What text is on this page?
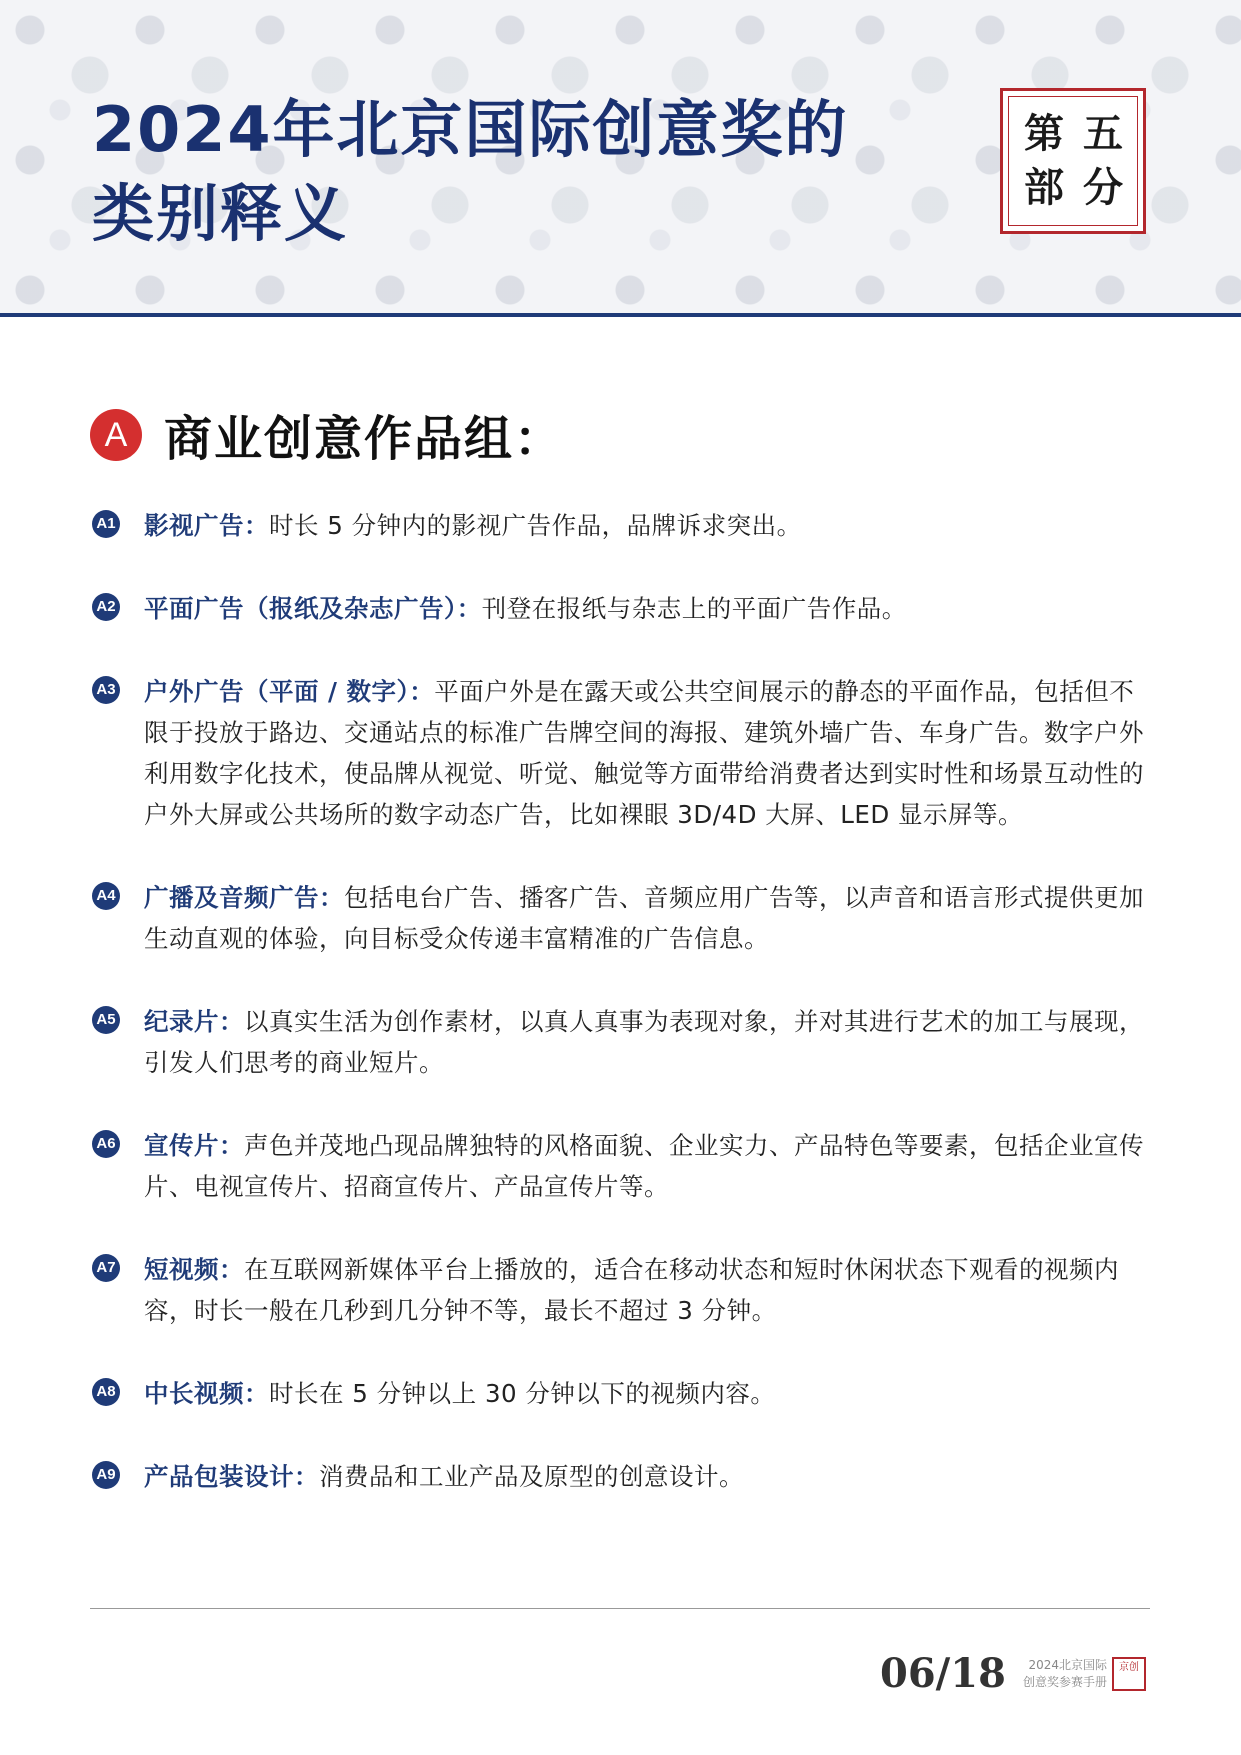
2024年北京国际创意奖的
类别释义
第 五
部 分
A 商业创意作品组：
A1 影视广告：时长 5 分钟内的影视广告作品，品牌诉求突出。
A2 平面广告（报纸及杂志广告）：刊登在报纸与杂志上的平面广告作品。
A3 户外广告（平面 / 数字）：平面户外是在露天或公共空间展示的静态的平面作品，包括但不限于投放于路边、交通站点的标准广告牌空间的海报、建筑外墙广告、车身广告。数字户外利用数字化技术，使品牌从视觉、听觉、触觉等方面带给消费者达到实时性和场景互动性的户外大屏或公共场所的数字动态广告，比如裸眼 3D/4D 大屏、LED 显示屏等。
A4 广播及音频广告：包括电台广告、播客广告、音频应用广告等，以声音和语言形式提供更加生动直观的体验，向目标受众传递丰富精准的广告信息。
A5 纪录片：以真实生活为创作素材，以真人真事为表现对象，并对其进行艺术的加工与展现，引发人们思考的商业短片。
A6 宣传片：声色并茂地凸现品牌独特的风格面貌、企业实力、产品特色等要素，包括企业宣传片、电视宣传片、招商宣传片、产品宣传片等。
A7 短视频：在互联网新媒体平台上播放的，适合在移动状态和短时休闲状态下观看的视频内容，时长一般在几秒到几分钟不等，最长不超过 3 分钟。
A8 中长视频：时长在 5 分钟以上 30 分钟以下的视频内容。
A9 产品包装设计：消费品和工业产品及原型的创意设计。
06/18	2024北京国际
创意奖参赛手册
京创
